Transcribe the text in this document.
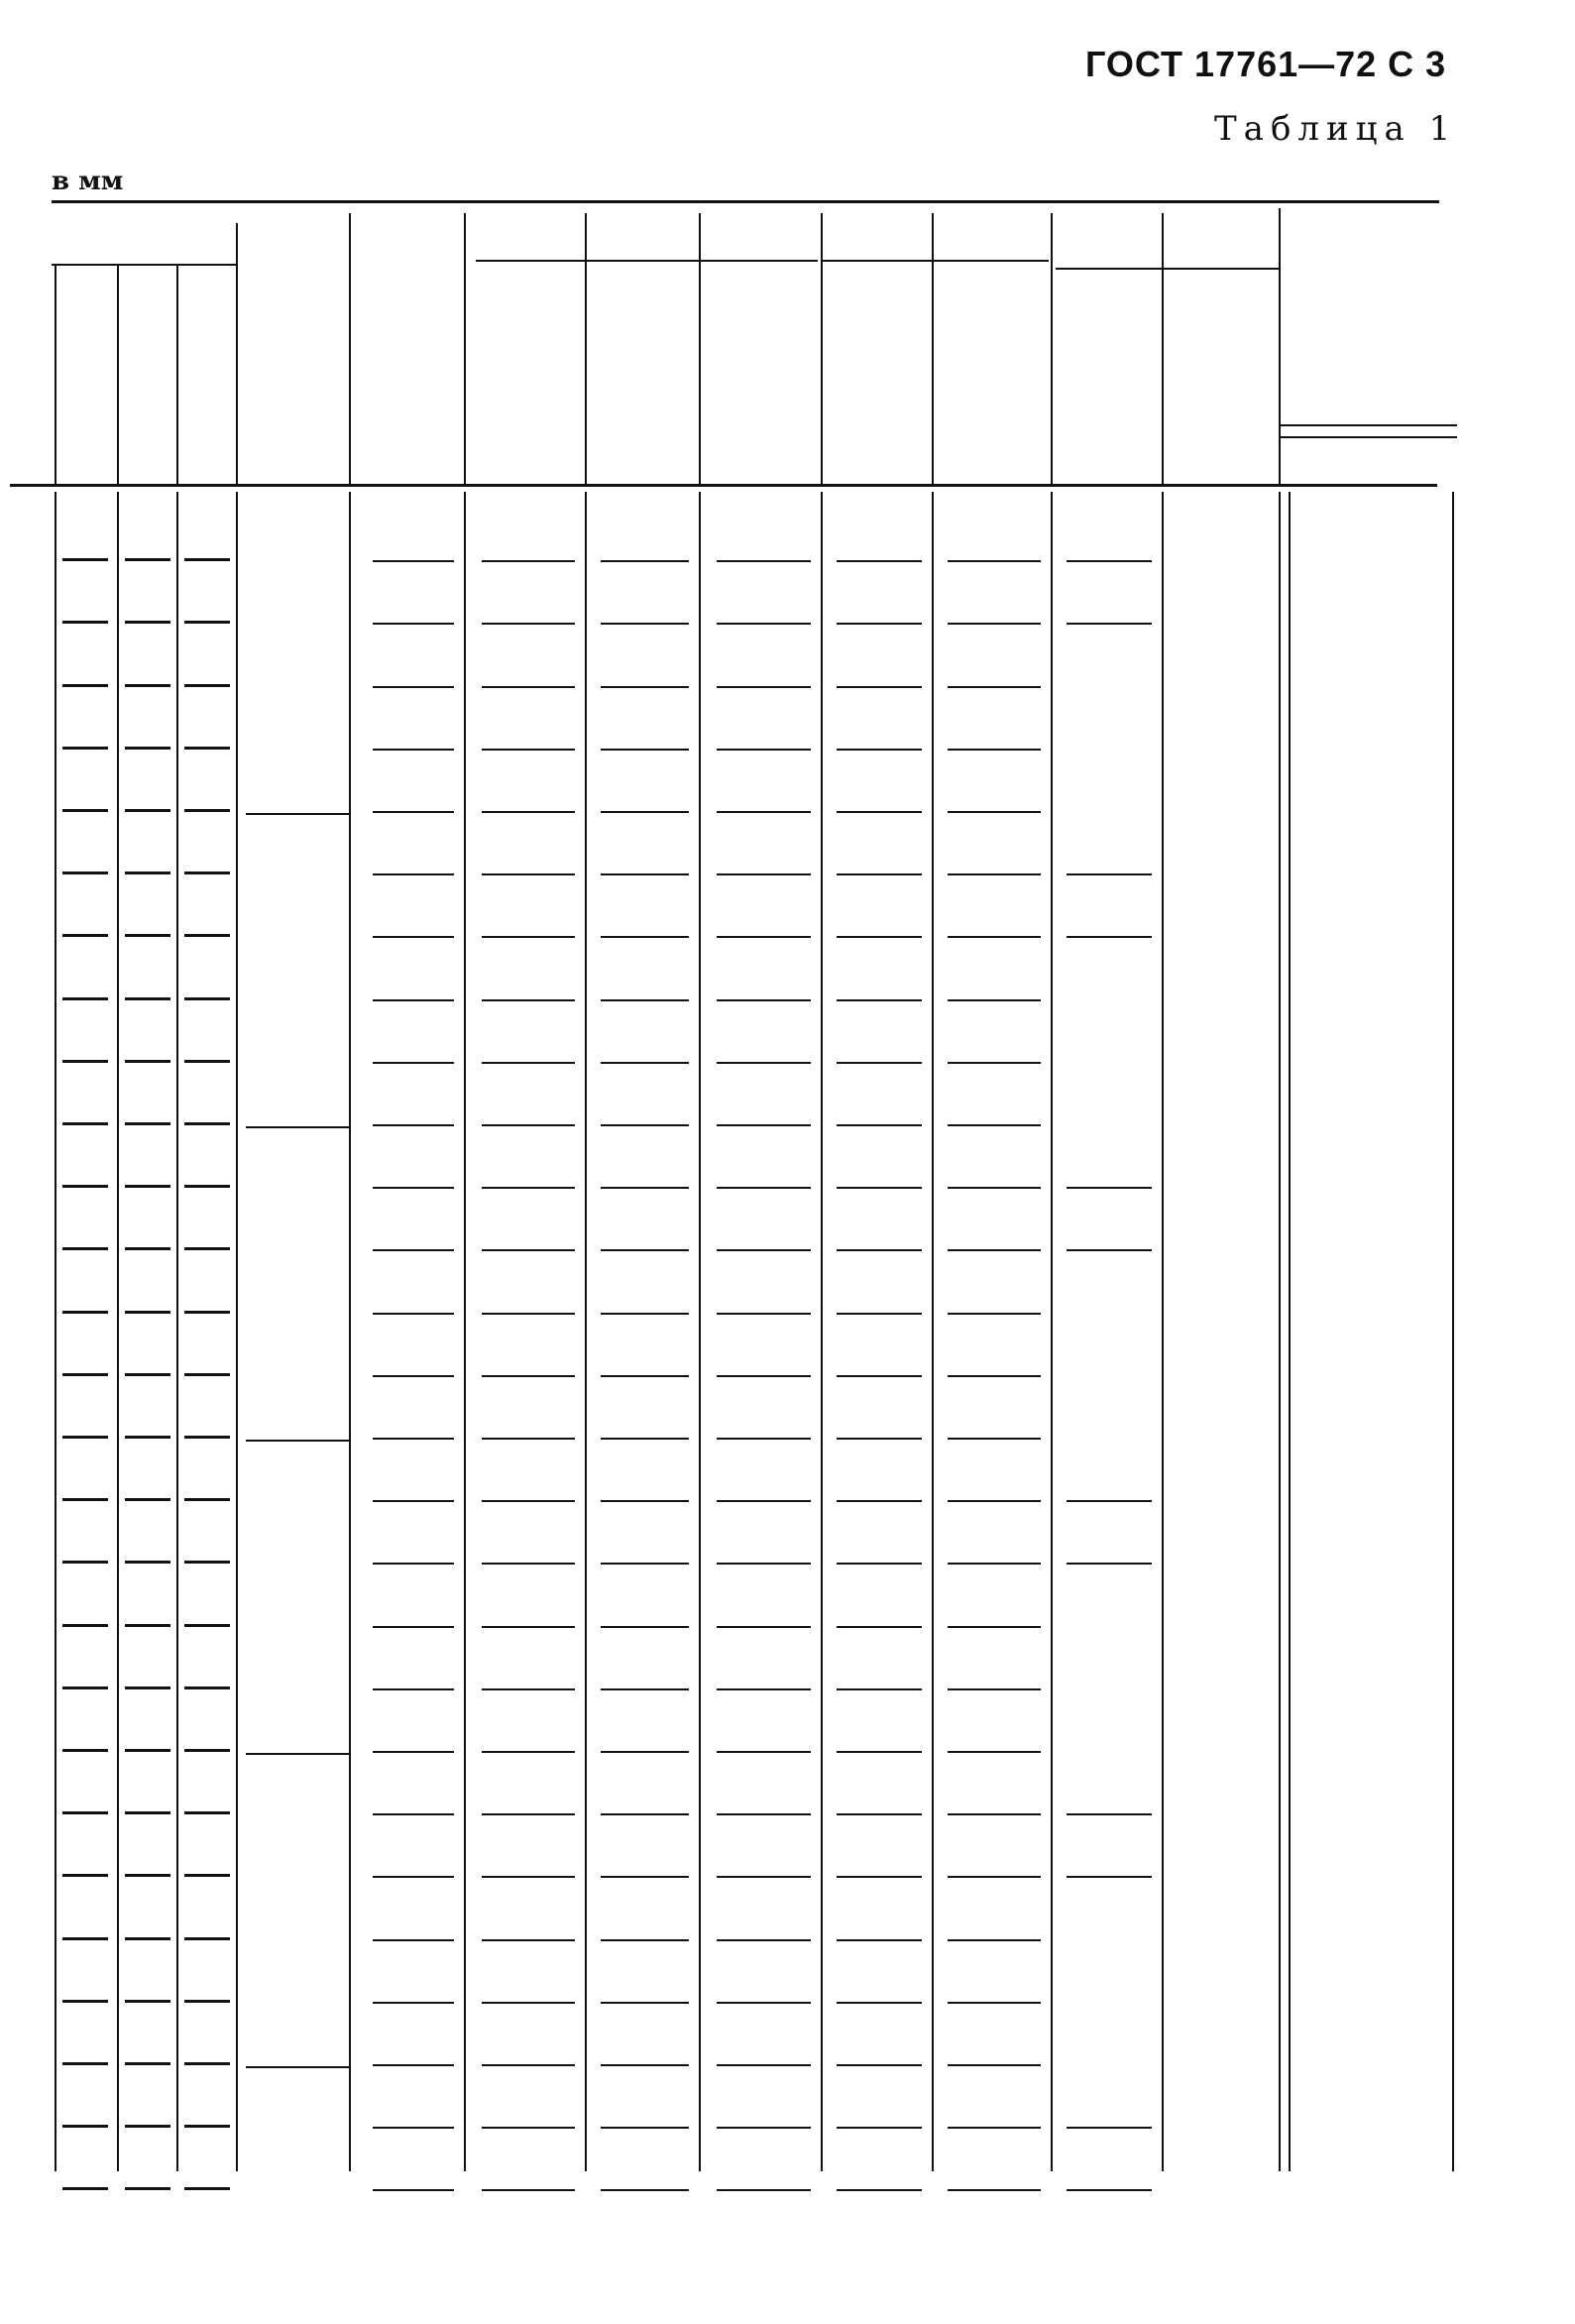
ГОСТ 17761—72 С 3
Таблица 1
в мм
